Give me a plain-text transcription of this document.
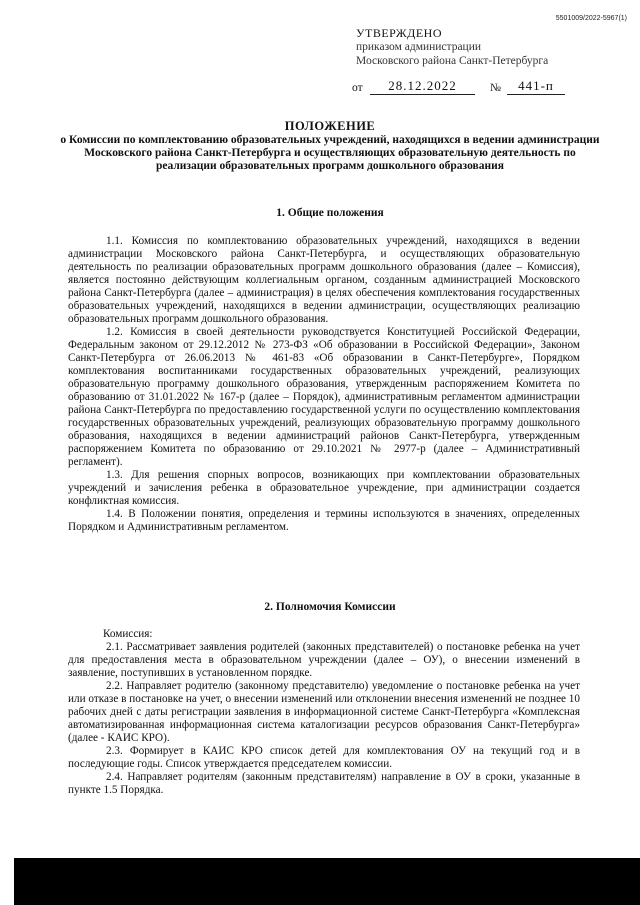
5501009/2022-5967(1)
УТВЕРЖДЕНО
приказом администрации
Московского района Санкт-Петербурга
от	28.12.2022	№	441-п
ПОЛОЖЕНИЕ
о Комиссии по комплектованию образовательных учреждений, находящихся в ведении администрации Московского района Санкт-Петербурга и осуществляющих образовательную деятельность по реализации образовательных программ дошкольного образования
1. Общие положения

1.1. Комиссия по комплектованию образовательных учреждений, находящихся в ведении администрации Московского района Санкт-Петербурга, и осуществляющих образовательную деятельность по реализации образовательных программ дошкольного образования (далее – Комиссия), является постоянно действующим коллегиальным органом, созданным администрацией Московского района Санкт-Петербурга (далее – администрация) в целях обеспечения комплектования государственных образовательных учреждений, находящихся в ведении администрации, осуществляющих реализацию образовательных программ дошкольного образования.

1.2. Комиссия в своей деятельности руководствуется Конституцией Российской Федерации, Федеральным законом от 29.12.2012 № 273-ФЗ «Об образовании в Российской Федерации», Законом Санкт-Петербурга от 26.06.2013 № 461-83 «Об образовании в Санкт-Петербурге», Порядком комплектования воспитанниками государственных образовательных учреждений, реализующих образовательную программу дошкольного образования, утвержденным распоряжением Комитета по образованию от 31.01.2022 № 167-р (далее – Порядок), административным регламентом администрации района Санкт-Петербурга по предоставлению государственной услуги по осуществлению комплектования государственных образовательных учреждений, реализующих образовательную программу дошкольного образования, находящихся в ведении администраций районов Санкт-Петербурга, утвержденным распоряжением Комитета по образованию от 29.10.2021 № 2977-р (далее – Административный регламент).

1.3. Для решения спорных вопросов, возникающих при комплектовании образовательных учреждений и зачисления ребенка в образовательное учреждение, при администрации создается конфликтная комиссия.

1.4. В Положении понятия, определения и термины используются в значениях, определенных Порядком и Административным регламентом.

2. Полномочия Комиссии

Комиссия:

2.1. Рассматривает заявления родителей (законных представителей) о постановке ребенка на учет для предоставления места в образовательном учреждении (далее – ОУ), о внесении изменений в заявление, поступивших в установленном порядке.

2.2. Направляет родителю (законному представителю) уведомление о постановке ребенка на учет или отказе в постановке на учет, о внесении изменений или отклонении внесения изменений не позднее 10 рабочих дней с даты регистрации заявления в информационной системе Санкт-Петербурга «Комплексная автоматизированная информационная система каталогизации ресурсов образования Санкт-Петербурга» (далее - КАИС КРО).

2.3. Формирует в КАИС КРО список детей для комплектования ОУ на текущий год и в последующие годы. Список утверждается председателем комиссии.

2.4. Направляет родителям (законным представителям) направление в ОУ в сроки, указанные в пункте 1.5 Порядка.
